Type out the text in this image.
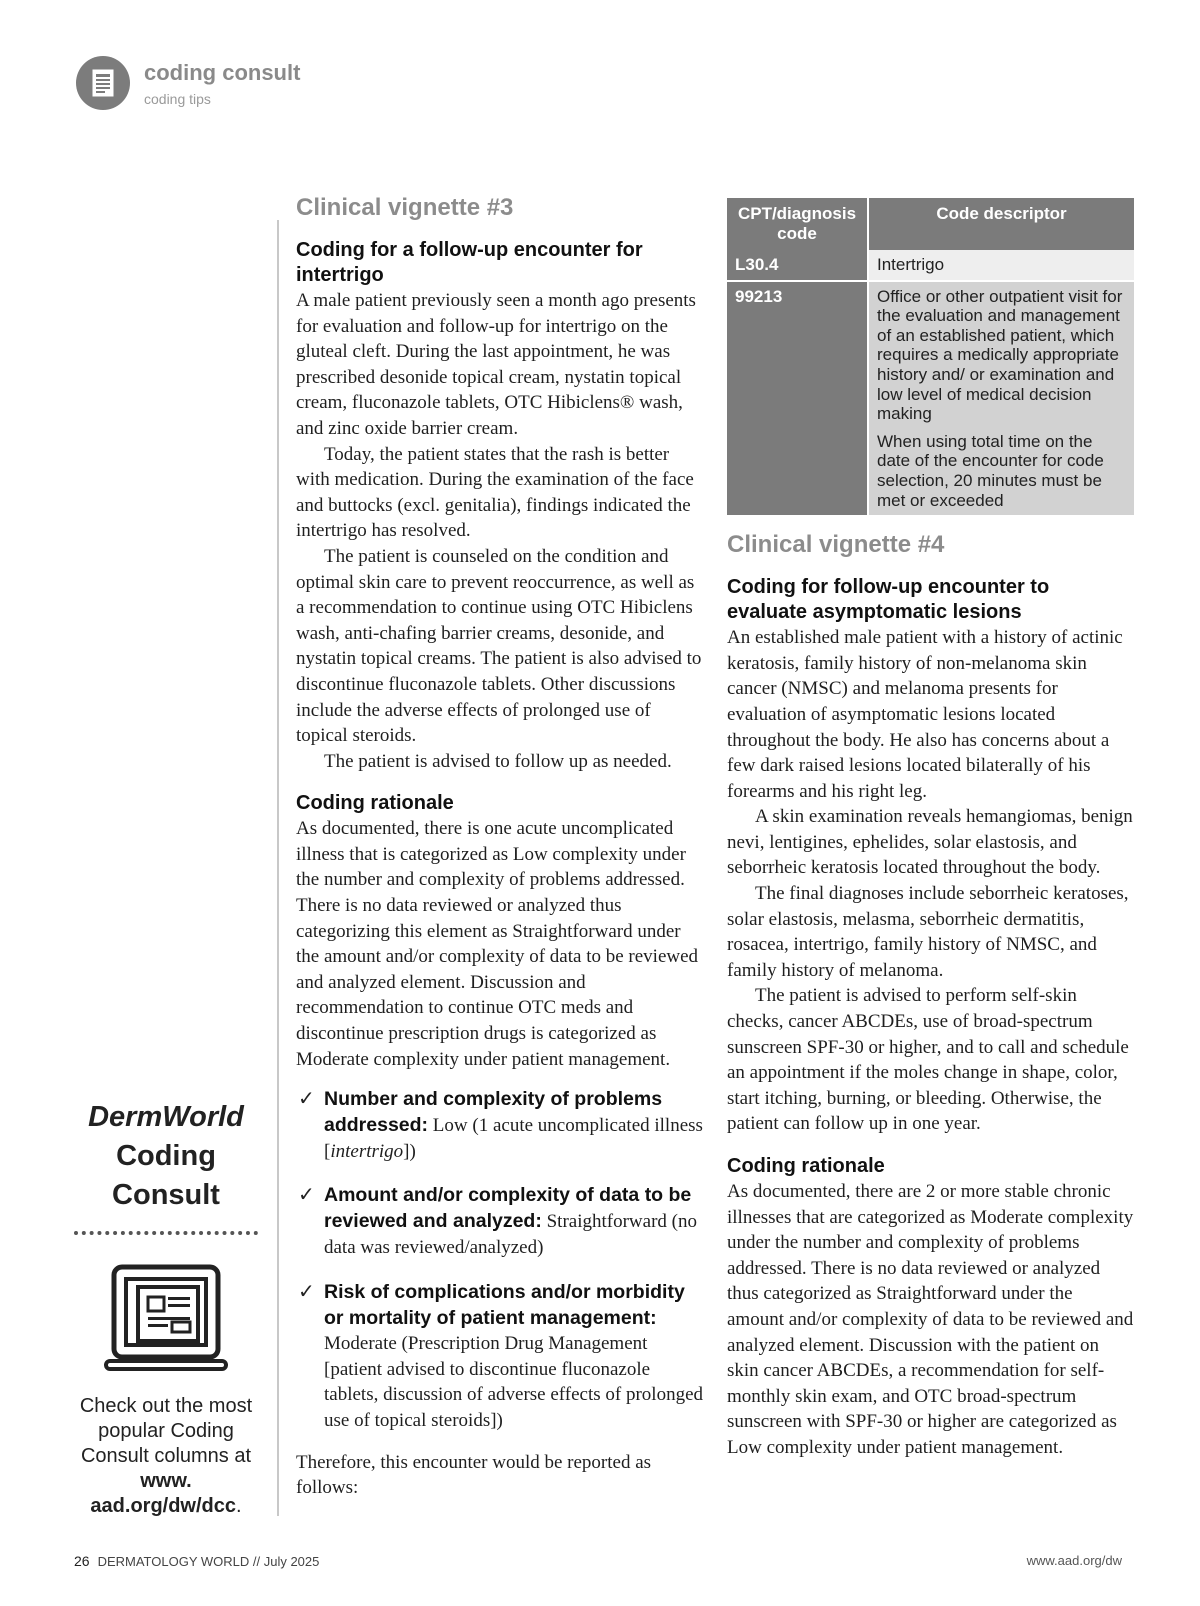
coding consult
coding tips
DermWorld
Coding
Consult
Check out the most popular Coding Consult columns at www. aad.org/dw/dcc.
Clinical vignette #3
Coding for a follow-up encounter for intertrigo

A male patient previously seen a month ago presents for evaluation and follow-up for intertrigo on the gluteal cleft. During the last appointment, he was prescribed desonide topical cream, nystatin topical cream, fluconazole tablets, OTC Hibiclens® wash, and zinc oxide barrier cream.

Today, the patient states that the rash is better with medication. During the examination of the face and buttocks (excl. genitalia), findings indicated the intertrigo has resolved.

The patient is counseled on the condition and optimal skin care to prevent reoccurrence, as well as a recommendation to continue using OTC Hibiclens wash, anti-chafing barrier creams, desonide, and nystatin topical creams. The patient is also advised to discontinue fluconazole tablets. Other discussions include the adverse effects of prolonged use of topical steroids.

The patient is advised to follow up as needed.

Coding rationale

As documented, there is one acute uncomplicated illness that is categorized as Low complexity under the number and complexity of problems addressed. There is no data reviewed or analyzed thus categorizing this element as Straightforward under the amount and/or complexity of data to be reviewed and analyzed element. Discussion and recommendation to continue OTC meds and discontinue prescription drugs is categorized as Moderate complexity under patient management.

✓ Number and complexity of problems addressed: Low (1 acute uncomplicated illness [intertrigo])
✓ Amount and/or complexity of data to be reviewed and analyzed: Straightforward (no data was reviewed/analyzed)
✓ Risk of complications and/or morbidity or mortality of patient management: Moderate (Prescription Drug Management [patient advised to discontinue fluconazole tablets, discussion of adverse effects of prolonged use of topical steroids])

Therefore, this encounter would be reported as follows:

CPT/diagnosis code	Code descriptor
L30.4	Intertrigo
99213	Office or other outpatient visit for the evaluation and management of an established patient, which requires a medically appropriate history and/ or examination and low level of medical decision making
When using total time on the date of the encounter for code selection, 20 minutes must be met or exceeded
Clinical vignette #4
Coding for follow-up encounter to evaluate asymptomatic lesions

An established male patient with a history of actinic keratosis, family history of non-melanoma skin cancer (NMSC) and melanoma presents for evaluation of asymptomatic lesions located throughout the body. He also has concerns about a few dark raised lesions located bilaterally of his forearms and his right leg.

A skin examination reveals hemangiomas, benign nevi, lentigines, ephelides, solar elastosis, and seborrheic keratosis located throughout the body.

The final diagnoses include seborrheic keratoses, solar elastosis, melasma, seborrheic dermatitis, rosacea, intertrigo, family history of NMSC, and family history of melanoma.

The patient is advised to perform self-skin checks, cancer ABCDEs, use of broad-spectrum sunscreen SPF-30 or higher, and to call and schedule an appointment if the moles change in shape, color, start itching, burning, or bleeding. Otherwise, the patient can follow up in one year.

Coding rationale

As documented, there are 2 or more stable chronic illnesses that are categorized as Moderate complexity under the number and complexity of problems addressed. There is no data reviewed or analyzed thus categorized as Straightforward under the amount and/or complexity of data to be reviewed and analyzed element. Discussion with the patient on skin cancer ABCDEs, a recommendation for self-monthly skin exam, and OTC broad-spectrum sunscreen with SPF-30 or higher are categorized as Low complexity under patient management.

26 DERMATOLOGY WORLD // July 2025	www.aad.org/dw
